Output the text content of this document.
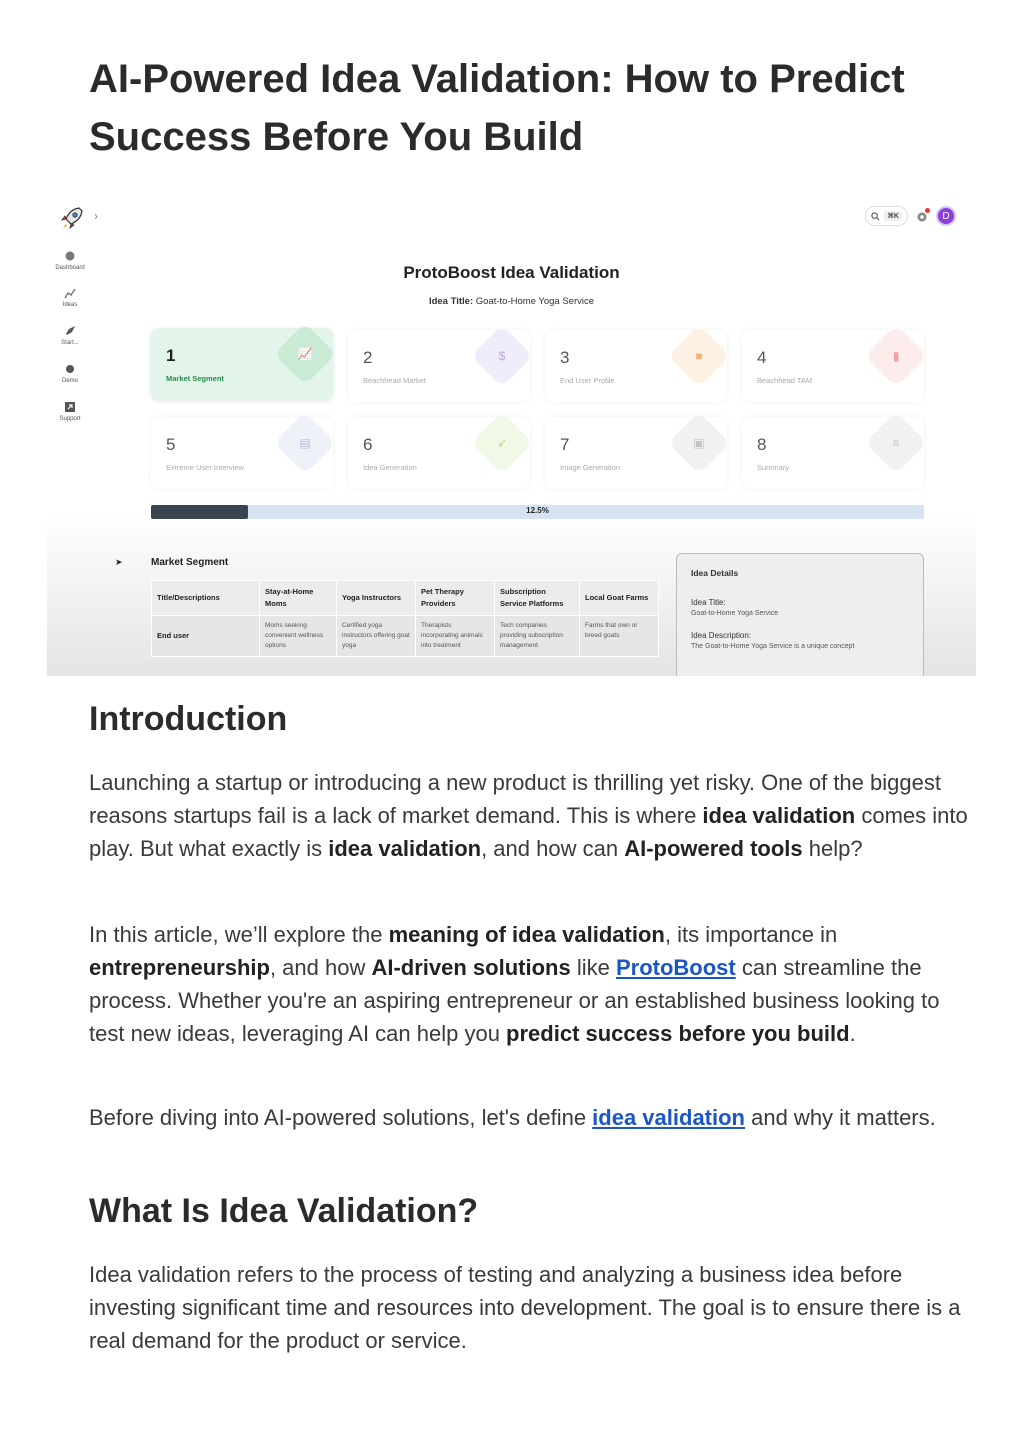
AI-Powered Idea Validation: How to Predict Success Before You Build
›
Dashboard
Ideas
Start...
Demo
Support
⌘K	D
ProtoBoost Idea Validation
Idea Title: Goat-to-Home Yoga Service
📈
1
Market Segment
$
2
Beachhead Market
■
3
End User Profile
▮
4
Beachhead TAM
▤
5
Extreme User Interview
➶
6
Idea Generation
▣
7
Image Generation
≡
8
Summary
12.5%
➤	Market Segment
Title/Descriptions	Stay-at-Home Moms	Yoga Instructors	Pet Therapy Providers	Subscription Service Platforms	Local Goat Farms
End user	Moms seeking convenient wellness options	Certified yoga instructors offering goat yoga	Therapists incorporating animals into treatment	Tech companies providing subscription management	Farms that own or breed goats
Idea Details
Idea Title:
Goat-to-Home Yoga Service
Idea Description:
The Goat-to-Home Yoga Service is a unique concept
Introduction

Launching a startup or introducing a new product is thrilling yet risky. One of the biggest reasons startups fail is a lack of market demand. This is where idea validation comes into play. But what exactly is idea validation, and how can AI-powered tools help?

In this article, we’ll explore the meaning of idea validation, its importance in entrepreneurship, and how AI-driven solutions like ProtoBoost can streamline the process. Whether you're an aspiring entrepreneur or an established business looking to test new ideas, leveraging AI can help you predict success before you build.

Before diving into AI-powered solutions, let's define idea validation and why it matters.

What Is Idea Validation?

Idea validation refers to the process of testing and analyzing a business idea before investing significant time and resources into development. The goal is to ensure there is a real demand for the product or service.
